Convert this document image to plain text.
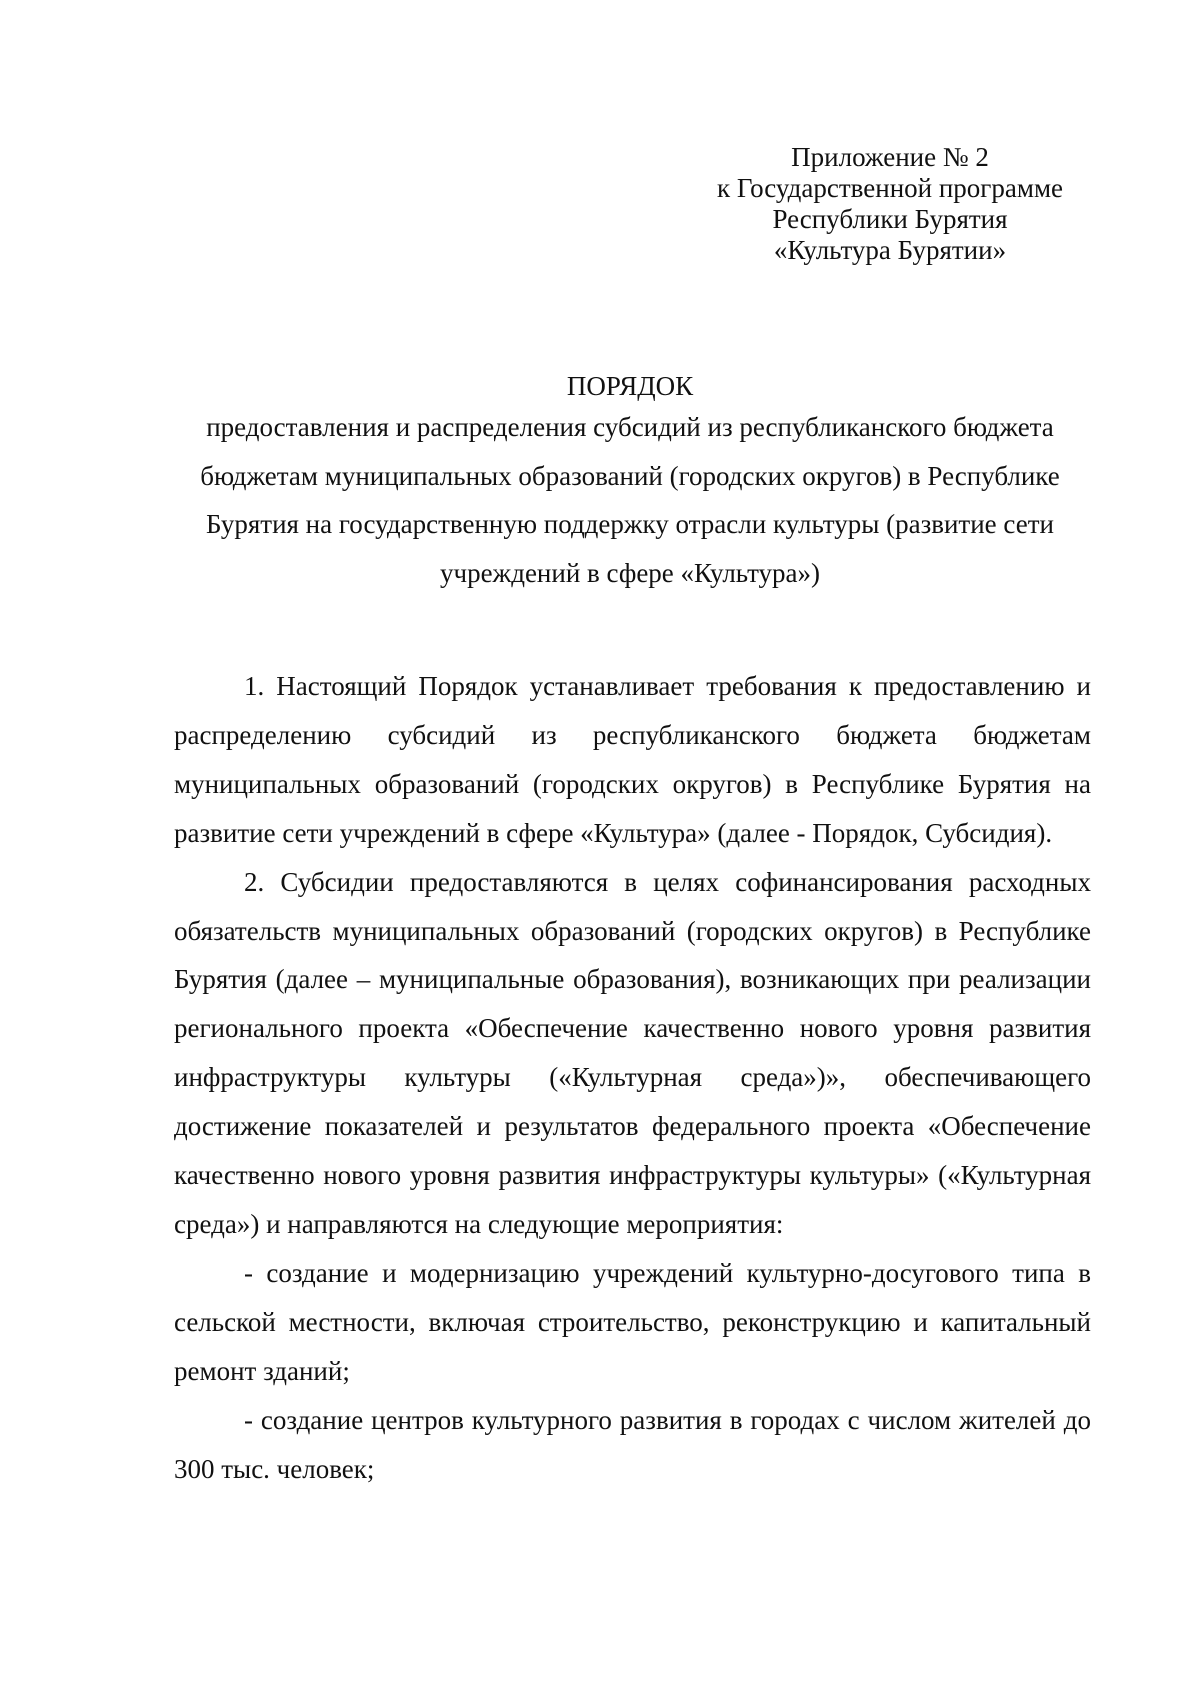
Приложение № 2
к Государственной программе
Республики Бурятия
«Культура Бурятии»
ПОРЯДОК
предоставления и распределения субсидий из республиканского бюджета
бюджетам муниципальных образований (городских округов) в Республике
Бурятия на государственную поддержку отрасли культуры (развитие сети
учреждений в сфере «Культура»)

1. Настоящий Порядок устанавливает требования к предоставлению и распределению субсидий из республиканского бюджета бюджетам муниципальных образований (городских округов) в Республике Бурятия на развитие сети учреждений в сфере «Культура» (далее - Порядок, Субсидия).

2. Субсидии предоставляются в целях софинансирования расходных обязательств муниципальных образований (городских округов) в Республике Бурятия (далее – муниципальные образования), возникающих при реализации регионального проекта «Обеспечение качественно нового уровня развития инфраструктуры культуры («Культурная среда»)», обеспечивающего достижение показателей и результатов федерального проекта «Обеспечение качественно нового уровня развития инфраструктуры культуры» («Культурная среда») и направляются на следующие мероприятия:

- создание и модернизацию учреждений культурно-досугового типа в сельской местности, включая строительство, реконструкцию и капитальный ремонт зданий;

- создание центров культурного развития в городах с числом жителей до 300 тыс. человек;
